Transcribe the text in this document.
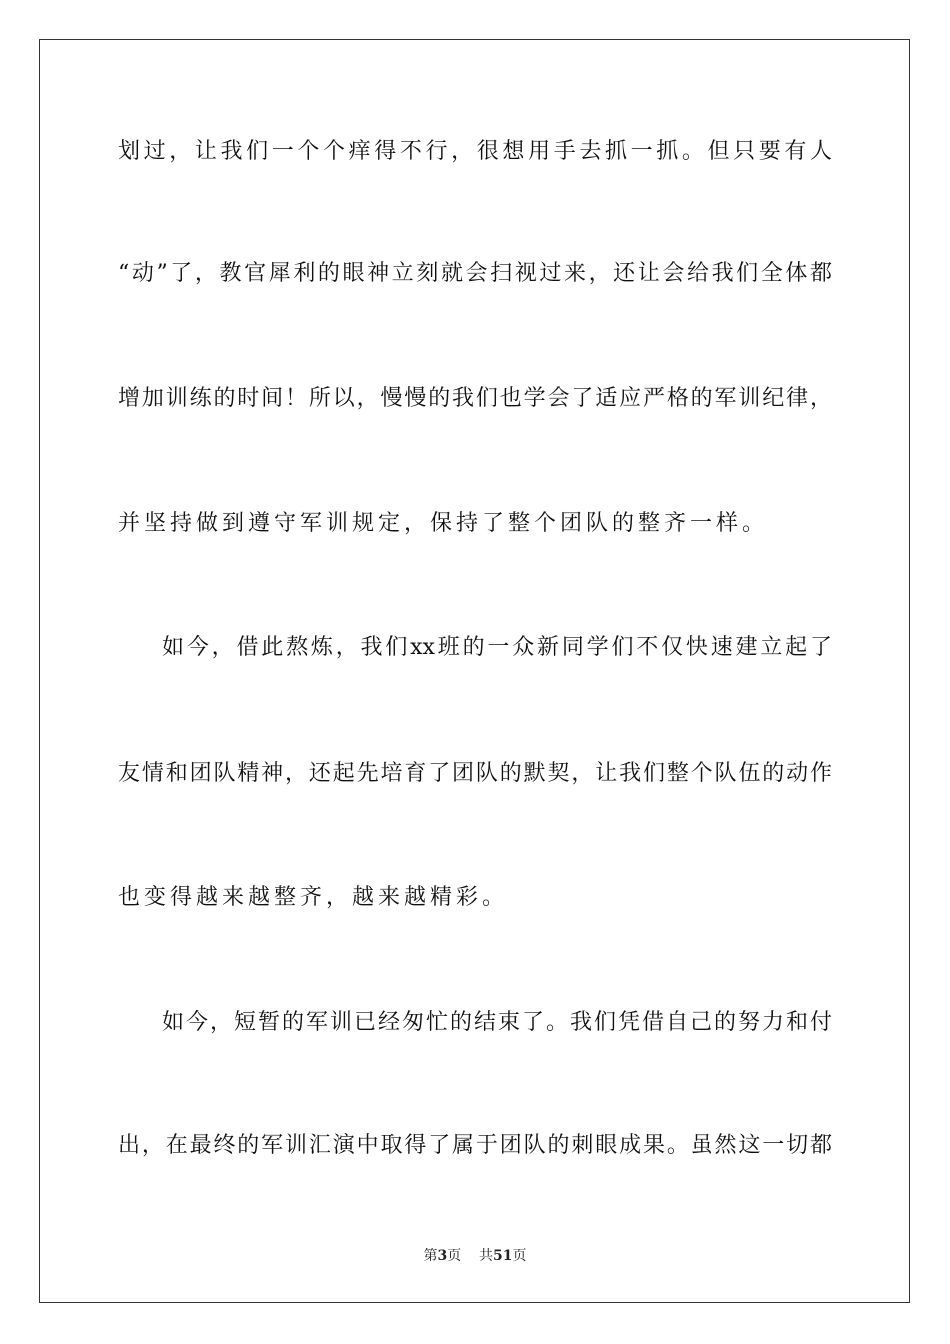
划过，让我们一个个痒得不行，很想用手去抓一抓。但只要有人
“动”了，教官犀利的眼神立刻就会扫视过来，还让会给我们全体都
增加训练的时间！所以，慢慢的我们也学会了适应严格的军训纪律，
并坚持做到遵守军训规定，保持了整个团队的整齐一样。
如今，借此熬炼，我们xx班的一众新同学们不仅快速建立起了
友情和团队精神，还起先培育了团队的默契，让我们整个队伍的动作
也变得越来越整齐，越来越精彩。
如今，短暂的军训已经匆忙的结束了。我们凭借自己的努力和付
出，在最终的军训汇演中取得了属于团队的刺眼成果。虽然这一切都
第3页 共51页
